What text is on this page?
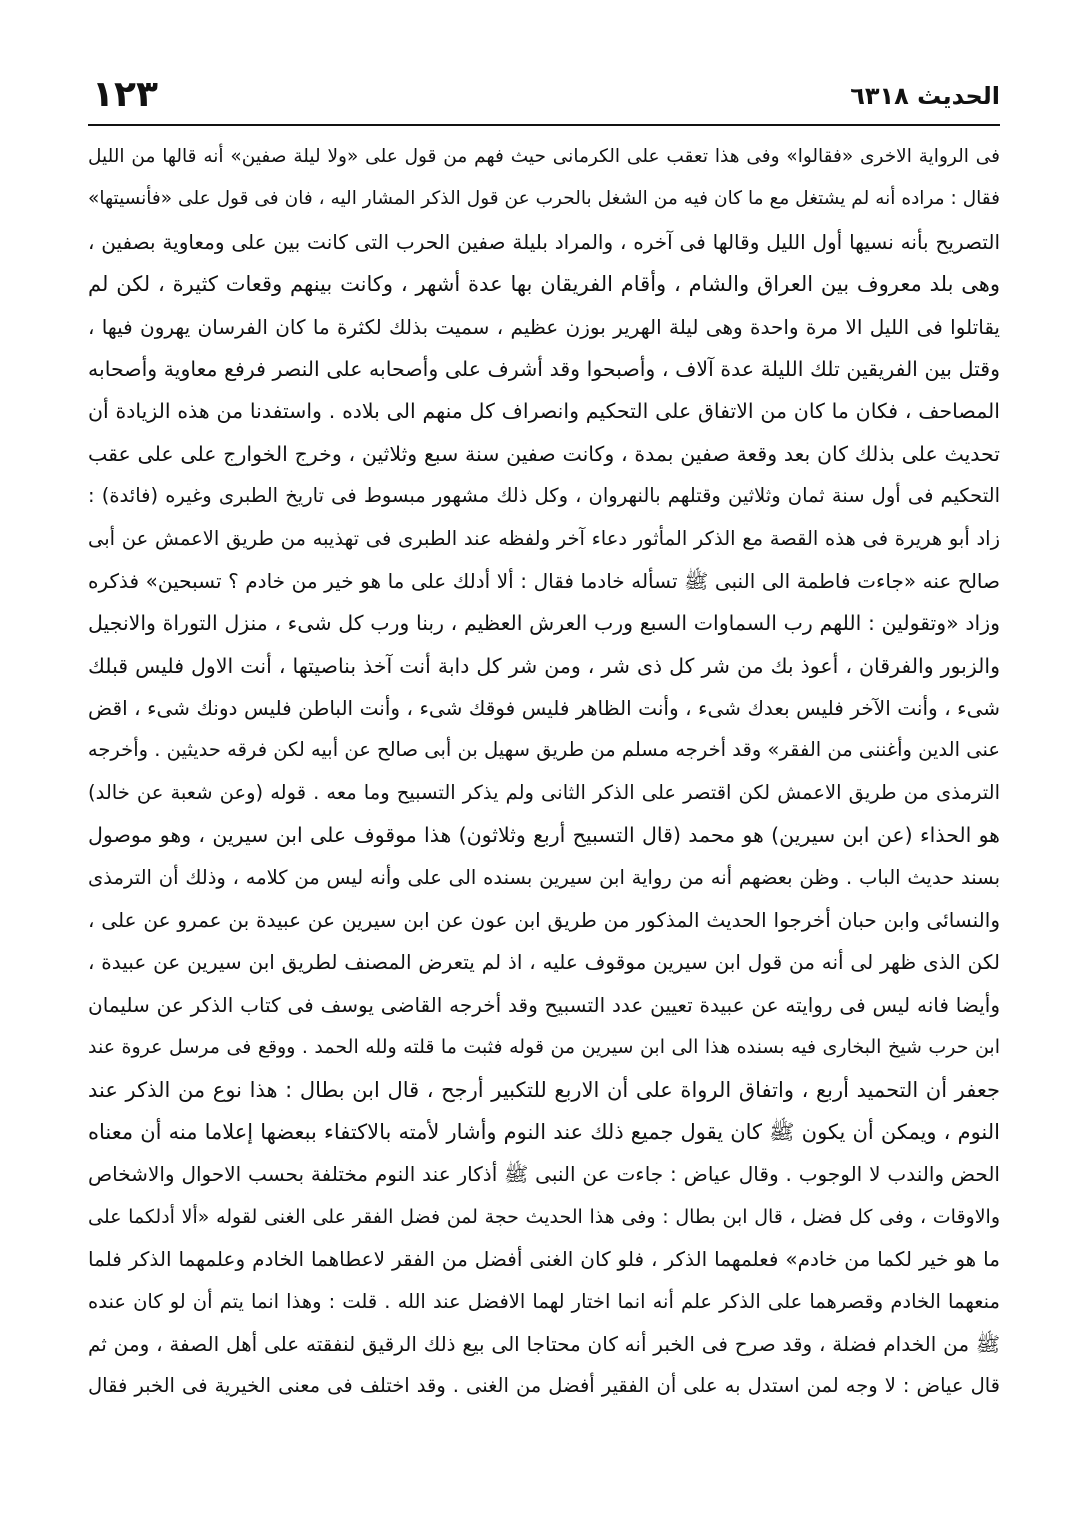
الحديث ٦٣١٨
١٢٣
فى الرواية الاخرى «فقالوا» وفى هذا تعقب على الكرمانى حيث فهم من قول على «ولا ليلة صفين» أنه قالها من الليل
فقال : مراده أنه لم يشتغل مع ما كان فيه من الشغل بالحرب عن قول الذكر المشار اليه ، فان فى قول على «فأنسيتها»
التصريح بأنه نسيها أول الليل وقالها فى آخره ، والمراد بليلة صفين الحرب التى كانت بين على ومعاوية بصفين ،
وهى بلد معروف بين العراق والشام ، وأقام الفريقان بها عدة أشهر ، وكانت بينهم وقعات كثيرة ، لكن لم
يقاتلوا فى الليل الا مرة واحدة وهى ليلة الهرير بوزن عظيم ، سميت بذلك لكثرة ما كان الفرسان يهرون فيها ،
وقتل بين الفريقين تلك الليلة عدة آلاف ، وأصبحوا وقد أشرف على وأصحابه على النصر فرفع معاوية وأصحابه
المصاحف ، فكان ما كان من الاتفاق على التحكيم وانصراف كل منهم الى بلاده . واستفدنا من هذه الزيادة أن
تحديث على بذلك كان بعد وقعة صفين بمدة ، وكانت صفين سنة سبع وثلاثين ، وخرج الخوارج على على عقب
التحكيم فى أول سنة ثمان وثلاثين وقتلهم بالنهروان ، وكل ذلك مشهور مبسوط فى تاريخ الطبرى وغيره (فائدة) :
زاد أبو هريرة فى هذه القصة مع الذكر المأثور دعاء آخر ولفظه عند الطبرى فى تهذيبه من طريق الاعمش عن أبى
صالح عنه «جاءت فاطمة الى النبى ﷺ تسأله خادما فقال : ألا أدلك على ما هو خير من خادم ؟ تسبحين» فذكره
وزاد «وتقولين : اللهم رب السماوات السبع ورب العرش العظيم ، ربنا ورب كل شىء ، منزل التوراة والانجيل
والزبور والفرقان ، أعوذ بك من شر كل ذى شر ، ومن شر كل دابة أنت آخذ بناصيتها ، أنت الاول فليس قبلك
شىء ، وأنت الآخر فليس بعدك شىء ، وأنت الظاهر فليس فوقك شىء ، وأنت الباطن فليس دونك شىء ، اقض
عنى الدين وأغننى من الفقر» وقد أخرجه مسلم من طريق سهيل بن أبى صالح عن أبيه لكن فرقه حديثين . وأخرجه
الترمذى من طريق الاعمش لكن اقتصر على الذكر الثانى ولم يذكر التسبيح وما معه . قوله (وعن شعبة عن خالد)
هو الحذاء (عن ابن سيرين) هو محمد (قال التسبيح أربع وثلاثون) هذا موقوف على ابن سيرين ، وهو موصول
بسند حديث الباب . وظن بعضهم أنه من رواية ابن سيرين بسنده الى على وأنه ليس من كلامه ، وذلك أن الترمذى
والنسائى وابن حبان أخرجوا الحديث المذكور من طريق ابن عون عن ابن سيرين عن عبيدة بن عمرو عن على ،
لكن الذى ظهر لى أنه من قول ابن سيرين موقوف عليه ، اذ لم يتعرض المصنف لطريق ابن سيرين عن عبيدة ،
وأيضا فانه ليس فى روايته عن عبيدة تعيين عدد التسبيح وقد أخرجه القاضى يوسف فى كتاب الذكر عن سليمان
ابن حرب شيخ البخارى فيه بسنده هذا الى ابن سيرين من قوله فثبت ما قلته ولله الحمد . ووقع فى مرسل عروة عند
جعفر أن التحميد أربع ، واتفاق الرواة على أن الاربع للتكبير أرجح ، قال ابن بطال : هذا نوع من الذكر عند
النوم ، ويمكن أن يكون ﷺ كان يقول جميع ذلك عند النوم وأشار لأمته بالاكتفاء ببعضها إعلاما منه أن معناه
الحض والندب لا الوجوب . وقال عياض : جاءت عن النبى ﷺ أذكار عند النوم مختلفة بحسب الاحوال والاشخاص
والاوقات ، وفى كل فضل ، قال ابن بطال : وفى هذا الحديث حجة لمن فضل الفقر على الغنى لقوله «ألا أدلكما على
ما هو خير لكما من خادم» فعلمهما الذكر ، فلو كان الغنى أفضل من الفقر لاعطاهما الخادم وعلمهما الذكر فلما
منعهما الخادم وقصرهما على الذكر علم أنه انما اختار لهما الافضل عند الله . قلت : وهذا انما يتم أن لو كان عنده
ﷺ من الخدام فضلة ، وقد صرح فى الخبر أنه كان محتاجا الى بيع ذلك الرقيق لنفقته على أهل الصفة ، ومن ثم
قال عياض : لا وجه لمن استدل به على أن الفقير أفضل من الغنى . وقد اختلف فى معنى الخيرية فى الخبر فقال
